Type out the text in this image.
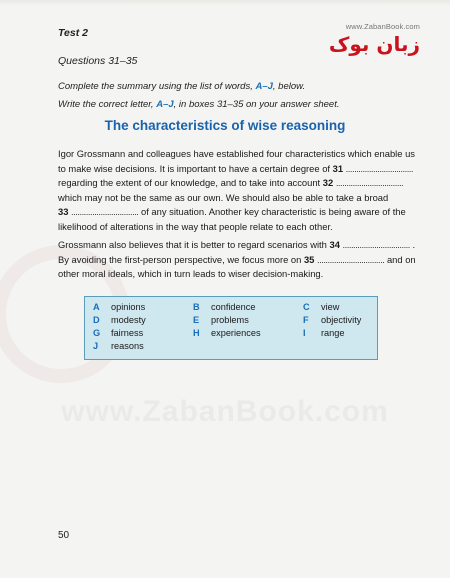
Test 2
www.ZabanBook.com
زبان بوک
www.ZabanBook.com
Questions 31–35
Complete the summary using the list of words, A–J, below.
Write the correct letter, A–J, in boxes 31–35 on your answer sheet.
The characteristics of wise reasoning
Igor Grossmann and colleagues have established four characteristics which enable us
to make wise decisions. It is important to have a certain degree of 31 ................................
regarding the extent of our knowledge, and to take into account 32 ................................
which may not be the same as our own. We should also be able to take a broad
33 ................................ of any situation. Another key characteristic is being aware of the
likelihood of alterations in the way that people relate to each other.
Grossmann also believes that it is better to regard scenarios with 34 ................................ .
By avoiding the first-person perspective, we focus more on 35 ................................ and on
other moral ideals, which in turn leads to wiser decision-making.
A opinions	B confidence	C view
D modesty	E problems	F objectivity
G fairness	H experiences	I range
J reasons
50
